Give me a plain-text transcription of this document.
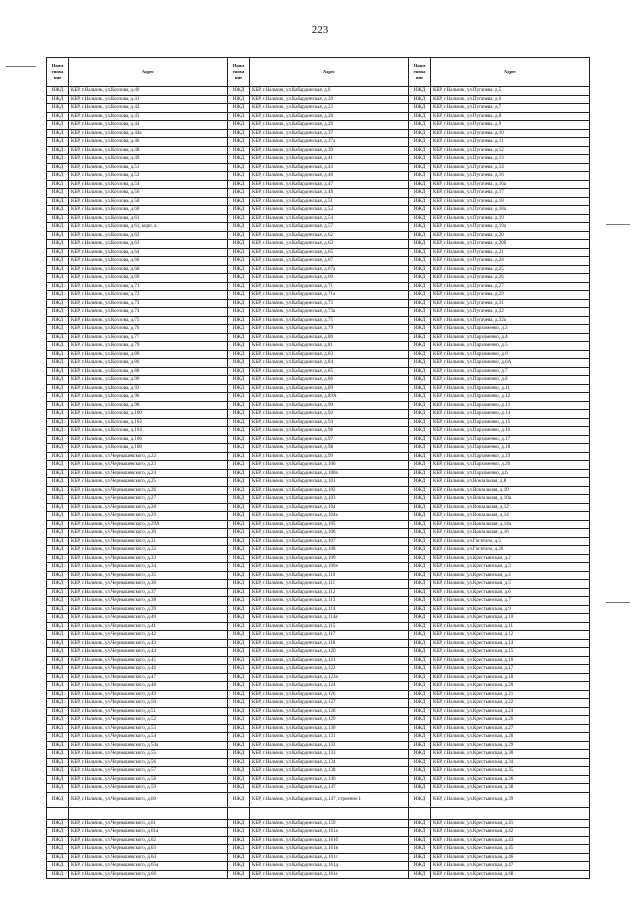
223
Наим енова ние	Адрес	Наим енова ние	Адрес	Наим енова ние	Адрес
ИЖД	КБР, г.Нальчик, ул.Козлова, д.40	ИЖД	КБР, г.Нальчик, ул.Кабардинская, д.6	ИЖД	КБР, г.Нальчик, ул.Пугачева, д.5
ИЖД	КБР, г.Нальчик, ул.Козлова, д.41	ИЖД	КБР, г.Нальчик, ул.Кабардинская, д.20	ИЖД	КБР, г.Нальчик, ул.Пугачева, д.6
ИЖД	КБР, г.Нальчик, ул.Козлова, д.42	ИЖД	КБР, г.Нальчик, ул.Кабардинская, д.22	ИЖД	КБР, г.Нальчик, ул.Пугачева, д.7
ИЖД	КБР, г.Нальчик, ул.Козлова, д.43	ИЖД	КБР, г.Нальчик, ул.Кабардинская, д.28	ИЖД	КБР, г.Нальчик, ул.Пугачева, д.8
ИЖД	КБР, г.Нальчик, ул.Козлова, д.44	ИЖД	КБР, г.Нальчик, ул.Кабардинская, д.29	ИЖД	КБР, г.Нальчик, ул.Пугачева, д.9
ИЖД	КБР, г.Нальчик, ул.Козлова, д.44а	ИЖД	КБР, г.Нальчик, ул.Кабардинская, д.37	ИЖД	КБР, г.Нальчик, ул.Пугачева, д.10
ИЖД	КБР, г.Нальчик, ул.Козлова, д.46	ИЖД	КБР, г.Нальчик, ул.Кабардинская, д.37а	ИЖД	КБР, г.Нальчик, ул.Пугачева, д.11
ИЖД	КБР, г.Нальчик, ул.Козлова, д.48	ИЖД	КБР, г.Нальчик, ул.Кабардинская, д.39	ИЖД	КБР, г.Нальчик, ул.Пугачева, д.12
ИЖД	КБР, г.Нальчик, ул.Козлова, д.49	ИЖД	КБР, г.Нальчик, ул.Кабардинская, д.41	ИЖД	КБР, г.Нальчик, ул.Пугачева, д.13
ИЖД	КБР, г.Нальчик, ул.Козлова, д.51	ИЖД	КБР, г.Нальчик, ул.Кабардинская, д.43	ИЖД	КБР, г.Нальчик, ул.Пугачева, д.14
ИЖД	КБР, г.Нальчик, ул.Козлова, д.53	ИЖД	КБР, г.Нальчик, ул.Кабардинская, д.46	ИЖД	КБР, г.Нальчик, ул.Пугачева, д.16
ИЖД	КБР, г.Нальчик, ул.Козлова, д.54	ИЖД	КБР, г.Нальчик, ул.Кабардинская, д.47	ИЖД	КБР, г.Нальчик, ул.Пугачева, д.16а
ИЖД	КБР, г.Нальчик, ул.Козлова, д.56	ИЖД	КБР, г.Нальчик, ул.Кабардинская, д.48	ИЖД	КБР, г.Нальчик, ул.Пугачева, д.17
ИЖД	КБР, г.Нальчик, ул.Козлова, д.58	ИЖД	КБР, г.Нальчик, ул.Кабардинская, д.51	ИЖД	КБР, г.Нальчик, ул.Пугачева, д.18
ИЖД	КБР, г.Нальчик, ул.Козлова, д.60	ИЖД	КБР, г.Нальчик, ул.Кабардинская, д.52	ИЖД	КБР, г.Нальчик, ул.Пугачева, д.18а
ИЖД	КБР, г.Нальчик, ул.Козлова, д.61	ИЖД	КБР, г.Нальчик, ул.Кабардинская, д.54	ИЖД	КБР, г.Нальчик, ул.Пугачева, д.19
ИЖД	КБР, г.Нальчик, ул.Козлова, д.61, корп. а	ИЖД	КБР, г.Нальчик, ул.Кабардинская, д.57	ИЖД	КБР, г.Нальчик, ул.Пугачева, д.19а
ИЖД	КБР, г.Нальчик, ул.Козлова, д.62	ИЖД	КБР, г.Нальчик, ул.Кабардинская, д.62	ИЖД	КБР, г.Нальчик, ул.Пугачева, д.20
ИЖД	КБР, г.Нальчик, ул.Козлова, д.63	ИЖД	КБР, г.Нальчик, ул.Кабардинская, д.63	ИЖД	КБР, г.Нальчик, ул.Пугачева, д.20б
ИЖД	КБР, г.Нальчик, ул.Козлова, д.64	ИЖД	КБР, г.Нальчик, ул.Кабардинская, д.65	ИЖД	КБР, г.Нальчик, ул.Пугачева, д.21
ИЖД	КБР, г.Нальчик, ул.Козлова, д.66	ИЖД	КБР, г.Нальчик, ул.Кабардинская, д.67	ИЖД	КБР, г.Нальчик, ул.Пугачева, д.24
ИЖД	КБР, г.Нальчик, ул.Козлова, д.68	ИЖД	КБР, г.Нальчик, ул.Кабардинская, д.67а	ИЖД	КБР, г.Нальчик, ул.Пугачева, д.25
ИЖД	КБР, г.Нальчик, ул.Козлова, д.69	ИЖД	КБР, г.Нальчик, ул.Кабардинская, д.69	ИЖД	КБР, г.Нальчик, ул.Пугачева, д.26
ИЖД	КБР, г.Нальчик, ул.Козлова, д.71	ИЖД	КБР, г.Нальчик, ул.Кабардинская, д.71	ИЖД	КБР, г.Нальчик, ул.Пугачева, д.27
ИЖД	КБР, г.Нальчик, ул.Козлова, д.72	ИЖД	КБР, г.Нальчик, ул.Кабардинская, д.71а	ИЖД	КБР, г.Нальчик, ул.Пугачева, д.29
ИЖД	КБР, г.Нальчик, ул.Козлова, д.73	ИЖД	КБР, г.Нальчик, ул.Кабардинская, д.73	ИЖД	КБР, г.Нальчик, ул.Пугачева, д.31
ИЖД	КБР, г.Нальчик, ул.Козлова, д.74	ИЖД	КБР, г.Нальчик, ул.Кабардинская, д.73а	ИЖД	КБР, г.Нальчик, ул.Пугачева, д.32
ИЖД	КБР, г.Нальчик, ул.Козлова, д.75	ИЖД	КБР, г.Нальчик, ул.Кабардинская, д.75	ИЖД	КБР, г.Нальчик, ул.Пугачева, д.32а
ИЖД	КБР, г.Нальчик, ул.Козлова, д.76	ИЖД	КБР, г.Нальчик, ул.Кабардинская, д.79	ИЖД	КБР, г.Нальчик, ул.Пархоменко, д.3
ИЖД	КБР, г.Нальчик, ул.Козлова, д.77	ИЖД	КБР, г.Нальчик, ул.Кабардинская, д.80	ИЖД	КБР, г.Нальчик, ул.Пархоменко, д.4
ИЖД	КБР, г.Нальчик, ул.Козлова, д.79	ИЖД	КБР, г.Нальчик, ул.Кабардинская, д.81	ИЖД	КБР, г.Нальчик, ул.Пархоменко, д.5
ИЖД	КБР, г.Нальчик, ул.Козлова, д.80	ИЖД	КБР, г.Нальчик, ул.Кабардинская, д.83	ИЖД	КБР, г.Нальчик, ул.Пархоменко, д.6
ИЖД	КБР, г.Нальчик, ул.Козлова, д.86	ИЖД	КБР, г.Нальчик, ул.Кабардинская, д.84	ИЖД	КБР, г.Нальчик, ул.Пархоменко, д.6А
ИЖД	КБР, г.Нальчик, ул.Козлова, д.88	ИЖД	КБР, г.Нальчик, ул.Кабардинская, д.85	ИЖД	КБР, г.Нальчик, ул.Пархоменко, д.7
ИЖД	КБР, г.Нальчик, ул.Козлова, д.90	ИЖД	КБР, г.Нальчик, ул.Кабардинская, д.86	ИЖД	КБР, г.Нальчик, ул.Пархоменко, д.8
ИЖД	КБР, г.Нальчик, ул.Козлова, д.92	ИЖД	КБР, г.Нальчик, ул.Кабардинская, д.89	ИЖД	КБР, г.Нальчик, ул.Пархоменко, д.11
ИЖД	КБР, г.Нальчик, ул.Козлова, д.96	ИЖД	КБР, г.Нальчик, ул.Кабардинская, д.89А	ИЖД	КБР, г.Нальчик, ул.Пархоменко, д.12
ИЖД	КБР, г.Нальчик, ул.Козлова, д.98	ИЖД	КБР, г.Нальчик, ул.Кабардинская, д.90	ИЖД	КБР, г.Нальчик, ул.Пархоменко, д.13
ИЖД	КБР, г.Нальчик, ул.Козлова, д.100	ИЖД	КБР, г.Нальчик, ул.Кабардинская, д.92	ИЖД	КБР, г.Нальчик, ул.Пархоменко, д.14
ИЖД	КБР, г.Нальчик, ул.Козлова, д.102	ИЖД	КБР, г.Нальчик, ул.Кабардинская, д.94	ИЖД	КБР, г.Нальчик, ул.Пархоменко, д.15
ИЖД	КБР, г.Нальчик, ул.Козлова, д.104	ИЖД	КБР, г.Нальчик, ул.Кабардинская, д.96	ИЖД	КБР, г.Нальчик, ул.Пархоменко, д.16
ИЖД	КБР, г.Нальчик, ул.Козлова, д.106	ИЖД	КБР, г.Нальчик, ул.Кабардинская, д.97	ИЖД	КБР, г.Нальчик, ул.Пархоменко, д.17
ИЖД	КБР, г.Нальчик, ул.Козлова, д.108	ИЖД	КБР, г.Нальчик, ул.Кабардинская, д.98	ИЖД	КБР, г.Нальчик, ул.Пархоменко, д.18
ИЖД	КБР, г.Нальчик, ул.Чернышевского, д.22	ИЖД	КБР, г.Нальчик, ул.Кабардинская, д.99	ИЖД	КБР, г.Нальчик, ул.Пархоменко, д.19
ИЖД	КБР, г.Нальчик, ул.Чернышевского, д.23	ИЖД	КБР, г.Нальчик, ул.Кабардинская, д.100	ИЖД	КБР, г.Нальчик, ул.Пархоменко, д.20
ИЖД	КБР, г.Нальчик, ул.Чернышевского, д.24	ИЖД	КБР, г.Нальчик, ул.Кабардинская, д.100а	ИЖД	КБР, г.Нальчик, ул.Пархоменко, д.6
ИЖД	КБР, г.Нальчик, ул.Чернышевского, д.25	ИЖД	КБР, г.Нальчик, ул.Кабардинская, д.101	ИЖД	КБР, г.Нальчик, ул.Вокзальная, д.8
ИЖД	КБР, г.Нальчик, ул.Чернышевского, д.26	ИЖД	КБР, г.Нальчик, ул.Кабардинская, д.102	ИЖД	КБР, г.Нальчик, ул.Вокзальная, д.10
ИЖД	КБР, г.Нальчик, ул.Чернышевского, д.27	ИЖД	КБР, г.Нальчик, ул.Кабардинская, д.103	ИЖД	КБР, г.Нальчик, ул.Вокзальная, д.10а
ИЖД	КБР, г.Нальчик, ул.Чернышевского, д.28	ИЖД	КБР, г.Нальчик, ул.Кабардинская, д.104	ИЖД	КБР, г.Нальчик, ул.Вокзальная, д.12
ИЖД	КБР, г.Нальчик, ул.Чернышевского, д.29	ИЖД	КБР, г.Нальчик, ул.Кабардинская, д.104а	ИЖД	КБР, г.Нальчик, ул.Вокзальная, д.14
ИЖД	КБР, г.Нальчик, ул.Чернышевского, д.29А	ИЖД	КБР, г.Нальчик, ул.Кабардинская, д.105	ИЖД	КБР, г.Нальчик, ул.Вокзальная, д.14а
ИЖД	КБР, г.Нальчик, ул.Чернышевского, д.30	ИЖД	КБР, г.Нальчик, ул.Кабардинская, д.106	ИЖД	КБР, г.Нальчик, ул.Вокзальная, д.16
ИЖД	КБР, г.Нальчик, ул.Чернышевского, д.31	ИЖД	КБР, г.Нальчик, ул.Кабардинская, д.107	ИЖД	КБР, г.Нальчик, ул.Гастелло, д.5
ИЖД	КБР, г.Нальчик, ул.Чернышевского, д.32	ИЖД	КБР, г.Нальчик, ул.Кабардинская, д.108	ИЖД	КБР, г.Нальчик, ул.Гастелло, д.26
ИЖД	КБР, г.Нальчик, ул.Чернышевского, д.33	ИЖД	КБР, г.Нальчик, ул.Кабардинская, д.109	ИЖД	КБР, г.Нальчик, ул.Крестьянская, д.2
ИЖД	КБР, г.Нальчик, ул.Чернышевского, д.34	ИЖД	КБР, г.Нальчик, ул.Кабардинская, д.109а	ИЖД	КБР, г.Нальчик, ул.Крестьянская, д.3
ИЖД	КБР, г.Нальчик, ул.Чернышевского, д.35	ИЖД	КБР, г.Нальчик, ул.Кабардинская, д.110	ИЖД	КБР, г.Нальчик, ул.Крестьянская, д.4
ИЖД	КБР, г.Нальчик, ул.Чернышевского, д.36	ИЖД	КБР, г.Нальчик, ул.Кабардинская, д.111	ИЖД	КБР, г.Нальчик, ул.Крестьянская, д.5
ИЖД	КБР, г.Нальчик, ул.Чернышевского, д.37	ИЖД	КБР, г.Нальчик, ул.Кабардинская, д.112	ИЖД	КБР, г.Нальчик, ул.Крестьянская, д.6
ИЖД	КБР, г.Нальчик, ул.Чернышевского, д.38	ИЖД	КБР, г.Нальчик, ул.Кабардинская, д.113	ИЖД	КБР, г.Нальчик, ул.Крестьянская, д.7
ИЖД	КБР, г.Нальчик, ул.Чернышевского, д.39	ИЖД	КБР, г.Нальчик, ул.Кабардинская, д.114	ИЖД	КБР, г.Нальчик, ул.Крестьянская, д.9
ИЖД	КБР, г.Нальчик, ул.Чернышевского, д.40	ИЖД	КБР, г.Нальчик, ул.Кабардинская, д.114а	ИЖД	КБР, г.Нальчик, ул.Крестьянская, д.10
ИЖД	КБР, г.Нальчик, ул.Чернышевского, д.41	ИЖД	КБР, г.Нальчик, ул.Кабардинская, д.115	ИЖД	КБР, г.Нальчик, ул.Крестьянская, д.11
ИЖД	КБР, г.Нальчик, ул.Чернышевского, д.42	ИЖД	КБР, г.Нальчик, ул.Кабардинская, д.117	ИЖД	КБР, г.Нальчик, ул.Крестьянская, д.12
ИЖД	КБР, г.Нальчик, ул.Чернышевского, д.43	ИЖД	КБР, г.Нальчик, ул.Кабардинская, д.118	ИЖД	КБР, г.Нальчик, ул.Крестьянская, д.14
ИЖД	КБР, г.Нальчик, ул.Чернышевского, д.44	ИЖД	КБР, г.Нальчик, ул.Кабардинская, д.120	ИЖД	КБР, г.Нальчик, ул.Крестьянская, д.15
ИЖД	КБР, г.Нальчик, ул.Чернышевского, д.45	ИЖД	КБР, г.Нальчик, ул.Кабардинская, д.121	ИЖД	КБР, г.Нальчик, ул.Крестьянская, д.16
ИЖД	КБР, г.Нальчик, ул.Чернышевского, д.46	ИЖД	КБР, г.Нальчик, ул.Кабардинская, д.122	ИЖД	КБР, г.Нальчик, ул.Крестьянская, д.17
ИЖД	КБР, г.Нальчик, ул.Чернышевского, д.47	ИЖД	КБР, г.Нальчик, ул.Кабардинская, д.123а	ИЖД	КБР, г.Нальчик, ул.Крестьянская, д.18
ИЖД	КБР, г.Нальчик, ул.Чернышевского, д.48	ИЖД	КБР, г.Нальчик, ул.Кабардинская, д.124	ИЖД	КБР, г.Нальчик, ул.Крестьянская, д.20
ИЖД	КБР, г.Нальчик, ул.Чернышевского, д.49	ИЖД	КБР, г.Нальчик, ул.Кабардинская, д.126	ИЖД	КБР, г.Нальчик, ул.Крестьянская, д.21
ИЖД	КБР, г.Нальчик, ул.Чернышевского, д.50	ИЖД	КБР, г.Нальчик, ул.Кабардинская, д.127	ИЖД	КБР, г.Нальчик, ул.Крестьянская, д.22
ИЖД	КБР, г.Нальчик, ул.Чернышевского, д.51	ИЖД	КБР, г.Нальчик, ул.Кабардинская, д.128	ИЖД	КБР, г.Нальчик, ул.Крестьянская, д.24
ИЖД	КБР, г.Нальчик, ул.Чернышевского, д.52	ИЖД	КБР, г.Нальчик, ул.Кабардинская, д.129	ИЖД	КБР, г.Нальчик, ул.Крестьянская, д.26
ИЖД	КБР, г.Нальчик, ул.Чернышевского, д.53	ИЖД	КБР, г.Нальчик, ул.Кабардинская, д.130	ИЖД	КБР, г.Нальчик, ул.Крестьянская, д.27
ИЖД	КБР, г.Нальчик, ул.Чернышевского, д.54	ИЖД	КБР, г.Нальчик, ул.Кабардинская, д.131	ИЖД	КБР, г.Нальчик, ул.Крестьянская, д.28
ИЖД	КБР, г.Нальчик, ул.Чернышевского, д.54а	ИЖД	КБР, г.Нальчик, ул.Кабардинская, д.132	ИЖД	КБР, г.Нальчик, ул.Крестьянская, д.29
ИЖД	КБР, г.Нальчик, ул.Чернышевского, д.55	ИЖД	КБР, г.Нальчик, ул.Кабардинская, д.133	ИЖД	КБР, г.Нальчик, ул.Крестьянская, д.30
ИЖД	КБР, г.Нальчик, ул.Чернышевского, д.56	ИЖД	КБР, г.Нальчик, ул.Кабардинская, д.134	ИЖД	КБР, г.Нальчик, ул.Крестьянская, д.34
ИЖД	КБР, г.Нальчик, ул.Чернышевского, д.57	ИЖД	КБР, г.Нальчик, ул.Кабардинская, д.138	ИЖД	КБР, г.Нальчик, ул.Крестьянская, д.35
ИЖД	КБР, г.Нальчик, ул.Чернышевского, д.58	ИЖД	КБР, г.Нальчик, ул.Кабардинская, д.140	ИЖД	КБР, г.Нальчик, ул.Крестьянская, д.36
ИЖД	КБР, г.Нальчик, ул.Чернышевского, д.59	ИЖД	КБР, г.Нальчик, ул.Кабардинская, д.147	ИЖД	КБР, г.Нальчик, ул.Крестьянская, д.38
ИЖД	КБР, г.Нальчик, ул.Чернышевского, д.60	ИЖД	КБР, г.Нальчик, ул.Кабардинская, д.147, строение 1	ИЖД	КБР, г.Нальчик, ул.Крестьянская, д.39

ИЖД	КБР, г.Нальчик, ул.Чернышевского, д.61	ИЖД	КБР, г.Нальчик, ул.Кабардинская, д.159	ИЖД	КБР, г.Нальчик, ул.Крестьянская, д.41
ИЖД	КБР, г.Нальчик, ул.Чернышевского, д.61а	ИЖД	КБР, г.Нальчик, ул.Кабардинская, д.161а	ИЖД	КБР, г.Нальчик, ул.Крестьянская, д.42
ИЖД	КБР, г.Нальчик, ул.Чернышевского, д.62	ИЖД	КБР, г.Нальчик, ул.Кабардинская, д.161б	ИЖД	КБР, г.Нальчик, ул.Крестьянская, д.43
ИЖД	КБР, г.Нальчик, ул.Чернышевского, д.63	ИЖД	КБР, г.Нальчик, ул.Кабардинская, д.161в	ИЖД	КБР, г.Нальчик, ул.Крестьянская, д.45
ИЖД	КБР, г.Нальчик, ул.Чернышевского, д.64	ИЖД	КБР, г.Нальчик, ул.Кабардинская, д.161г	ИЖД	КБР, г.Нальчик, ул.Крестьянская, д.46
ИЖД	КБР, г.Нальчик, ул.Чернышевского, д.65а	ИЖД	КБР, г.Нальчик, ул.Кабардинская, д.161д	ИЖД	КБР, г.Нальчик, ул.Крестьянская, д.47
ИЖД	КБР, г.Нальчик, ул.Чернышевского, д.66	ИЖД	КБР, г.Нальчик, ул.Кабардинская, д.161е	ИЖД	КБР, г.Нальчик, ул.Крестьянская, д.48
